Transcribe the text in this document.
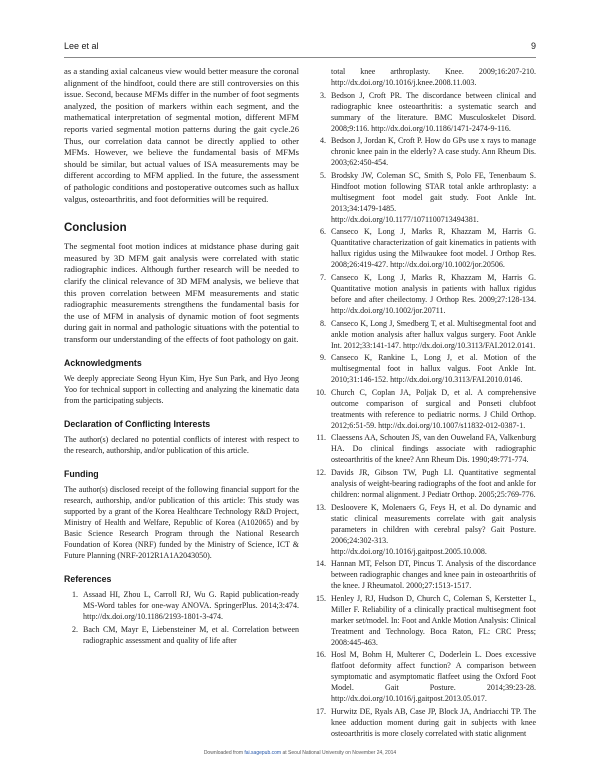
Lee et al	9

as a standing axial calcaneus view would better measure the coronal alignment of the hindfoot, could there are still controversies on this issue. Second, because MFMs differ in the number of foot segments analyzed, the position of markers within each segment, and the mathematical interpretation of segmental motion, different MFM reports varied segmental motion patterns during the gait cycle.26 Thus, our correlation data cannot be directly applied to other MFMs. However, we believe the fundamental basis of MFMs should be similar, but actual values of ISA measurements may be different according to MFM applied. In the future, the assessment of pathologic conditions and postoperative outcomes such as hallux valgus, osteoarthritis, and foot deformities will be required.

Conclusion

The segmental foot motion indices at midstance phase during gait measured by 3D MFM gait analysis were correlated with static radiographic indices. Although further research will be needed to clarify the clinical relevance of 3D MFM analysis, we believe that this proven correlation between MFM measurements and static radiographic measurements strengthens the fundamental basis for the use of MFM in analysis of dynamic motion of foot segments during gait in normal and pathologic situations with the potential to transform our understanding of the effects of foot pathology on gait.

Acknowledgments

We deeply appreciate Seong Hyun Kim, Hye Sun Park, and Hyo Jeong Yoo for technical support in collecting and analyzing the kinematic data from the participating subjects.

Declaration of Conflicting Interests

The author(s) declared no potential conflicts of interest with respect to the research, authorship, and/or publication of this article.

Funding

The author(s) disclosed receipt of the following financial support for the research, authorship, and/or publication of this article: This study was supported by a grant of the Korea Healthcare Technology R&D Project, Ministry of Health and Welfare, Republic of Korea (A102065) and by Basic Science Research Program through the National Research Foundation of Korea (NRF) funded by the Ministry of Science, ICT & Future Planning (NRF-2012R1A1A2043050).

References
1. Assaad HI, Zhou L, Carroll RJ, Wu G. Rapid publication-ready MS-Word tables for one-way ANOVA. SpringerPlus. 2014;3:474. http://dx.doi.org/10.1186/2193-1801-3-474.
2. Bach CM, Mayr E, Liebensteiner M, et al. Correlation between radiographic assessment and quality of life after
total knee arthroplasty. Knee. 2009;16:207-210. http://dx.doi.org/10.1016/j.knee.2008.11.003.
3. Bedson J, Croft PR. The discordance between clinical and radiographic knee osteoarthritis: a systematic search and summary of the literature. BMC Musculoskelet Disord. 2008;9:116. http://dx.doi.org/10.1186/1471-2474-9-116.
4. Bedson J, Jordan K, Croft P. How do GPs use x rays to manage chronic knee pain in the elderly? A case study. Ann Rheum Dis. 2003;62:450-454.
5. Brodsky JW, Coleman SC, Smith S, Polo FE, Tenenbaum S. Hindfoot motion following STAR total ankle arthroplasty: a multisegment foot model gait study. Foot Ankle Int. 2013;34:1479-1485. http://dx.doi.org/10.1177/1071100713494381.
6. Canseco K, Long J, Marks R, Khazzam M, Harris G. Quantitative characterization of gait kinematics in patients with hallux rigidus using the Milwaukee foot model. J Orthop Res. 2008;26:419-427. http://dx.doi.org/10.1002/jor.20506.
7. Canseco K, Long J, Marks R, Khazzam M, Harris G. Quantitative motion analysis in patients with hallux rigidus before and after cheilectomy. J Orthop Res. 2009;27:128-134. http://dx.doi.org/10.1002/jor.20711.
8. Canseco K, Long J, Smedberg T, et al. Multisegmental foot and ankle motion analysis after hallux valgus surgery. Foot Ankle Int. 2012;33:141-147. http://dx.doi.org/10.3113/FAI.2012.0141.
9. Canseco K, Rankine L, Long J, et al. Motion of the multisegmental foot in hallux valgus. Foot Ankle Int. 2010;31:146-152. http://dx.doi.org/10.3113/FAI.2010.0146.
10. Church C, Coplan JA, Poljak D, et al. A comprehensive outcome comparison of surgical and Ponseti clubfoot treatments with reference to pediatric norms. J Child Orthop. 2012;6:51-59. http://dx.doi.org/10.1007/s11832-012-0387-1.
11. Claessens AA, Schouten JS, van den Ouweland FA, Valkenburg HA. Do clinical findings associate with radiographic osteoarthritis of the knee? Ann Rheum Dis. 1990;49:771-774.
12. Davids JR, Gibson TW, Pugh LI. Quantitative segmental analysis of weight-bearing radiographs of the foot and ankle for children: normal alignment. J Pediatr Orthop. 2005;25:769-776.
13. Desloovere K, Molenaers G, Feys H, et al. Do dynamic and static clinical measurements correlate with gait analysis parameters in children with cerebral palsy? Gait Posture. 2006;24:302-313. http://dx.doi.org/10.1016/j.gaitpost.2005.10.008.
14. Hannan MT, Felson DT, Pincus T. Analysis of the discordance between radiographic changes and knee pain in osteoarthritis of the knee. J Rheumatol. 2000;27:1513-1517.
15. Henley J, RJ, Hudson D, Church C, Coleman S, Kerstetter L, Miller F. Reliability of a clinically practical multisegment foot marker set/model. In: Foot and Ankle Motion Analysis: Clinical Treatment and Technology. Boca Raton, FL: CRC Press; 2008:445-463.
16. Hosl M, Bohm H, Multerer C, Doderlein L. Does excessive flatfoot deformity affect function? A comparison between symptomatic and asymptomatic flatfeet using the Oxford Foot Model. Gait Posture. 2014;39:23-28. http://dx.doi.org/10.1016/j.gaitpost.2013.05.017.
17. Hurwitz DE, Ryals AB, Case JP, Block JA, Andriacchi TP. The knee adduction moment during gait in subjects with knee osteoarthritis is more closely correlated with static alignment
Downloaded from fai.sagepub.com at Seoul National University on November 24, 2014
